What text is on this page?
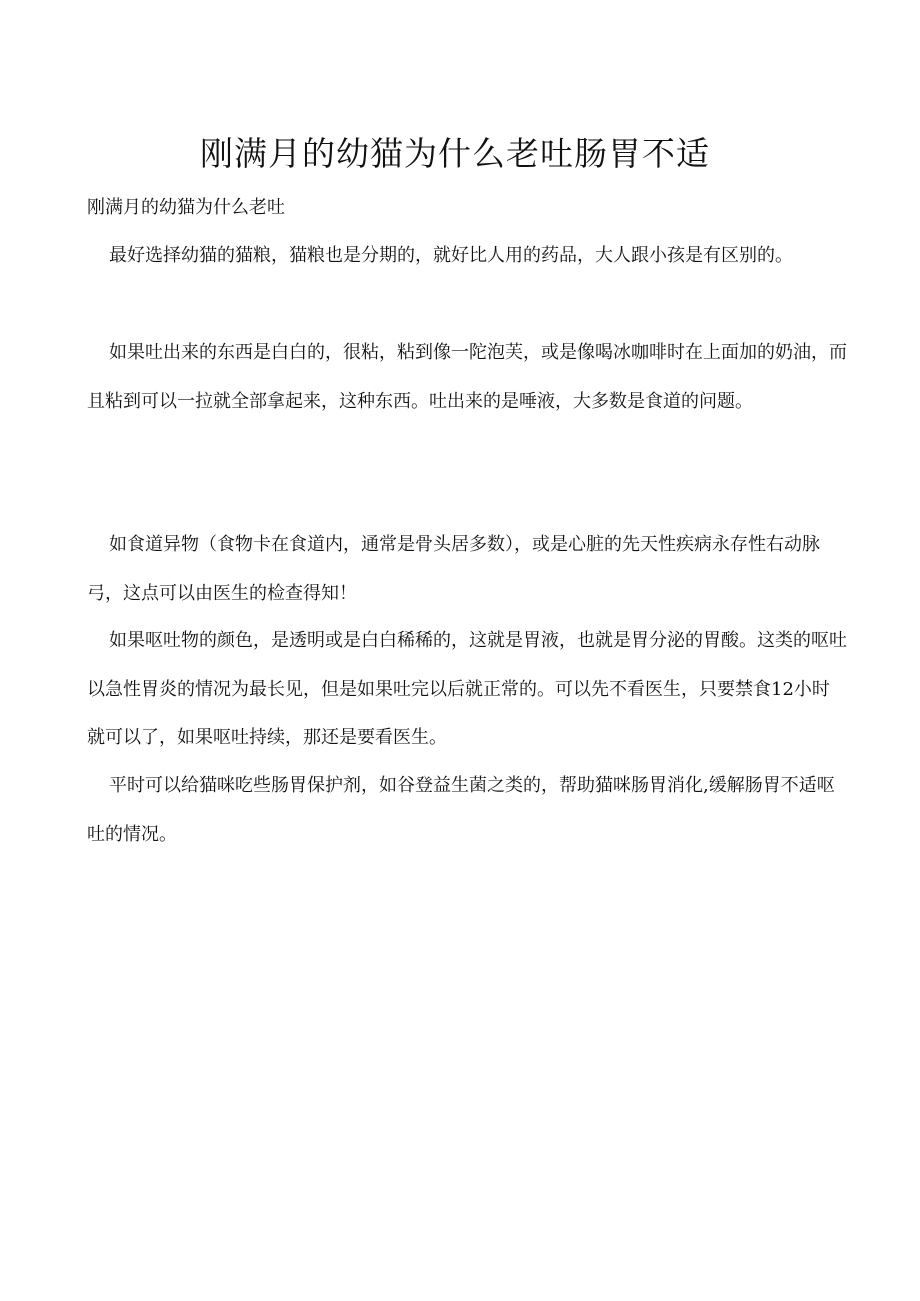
刚满月的幼猫为什么老吐肠胃不适

刚满月的幼猫为什么老吐

最好选择幼猫的猫粮，猫粮也是分期的，就好比人用的药品，大人跟小孩是有区别的。

如果吐出来的东西是白白的，很粘，粘到像一陀泡芙，或是像喝冰咖啡时在上面加的奶油，而且粘到可以一拉就全部拿起来，这种东西。吐出来的是唾液，大多数是食道的问题。

如食道异物（食物卡在食道内，通常是骨头居多数），或是心脏的先天性疾病永存性右动脉弓，这点可以由医生的检查得知！

如果呕吐物的颜色，是透明或是白白稀稀的，这就是胃液，也就是胃分泌的胃酸。这类的呕吐以急性胃炎的情况为最长见，但是如果吐完以后就正常的。可以先不看医生，只要禁食12小时就可以了，如果呕吐持续，那还是要看医生。

平时可以给猫咪吃些肠胃保护剂，如谷登益生菌之类的，帮助猫咪肠胃消化,缓解肠胃不适呕吐的情况。
